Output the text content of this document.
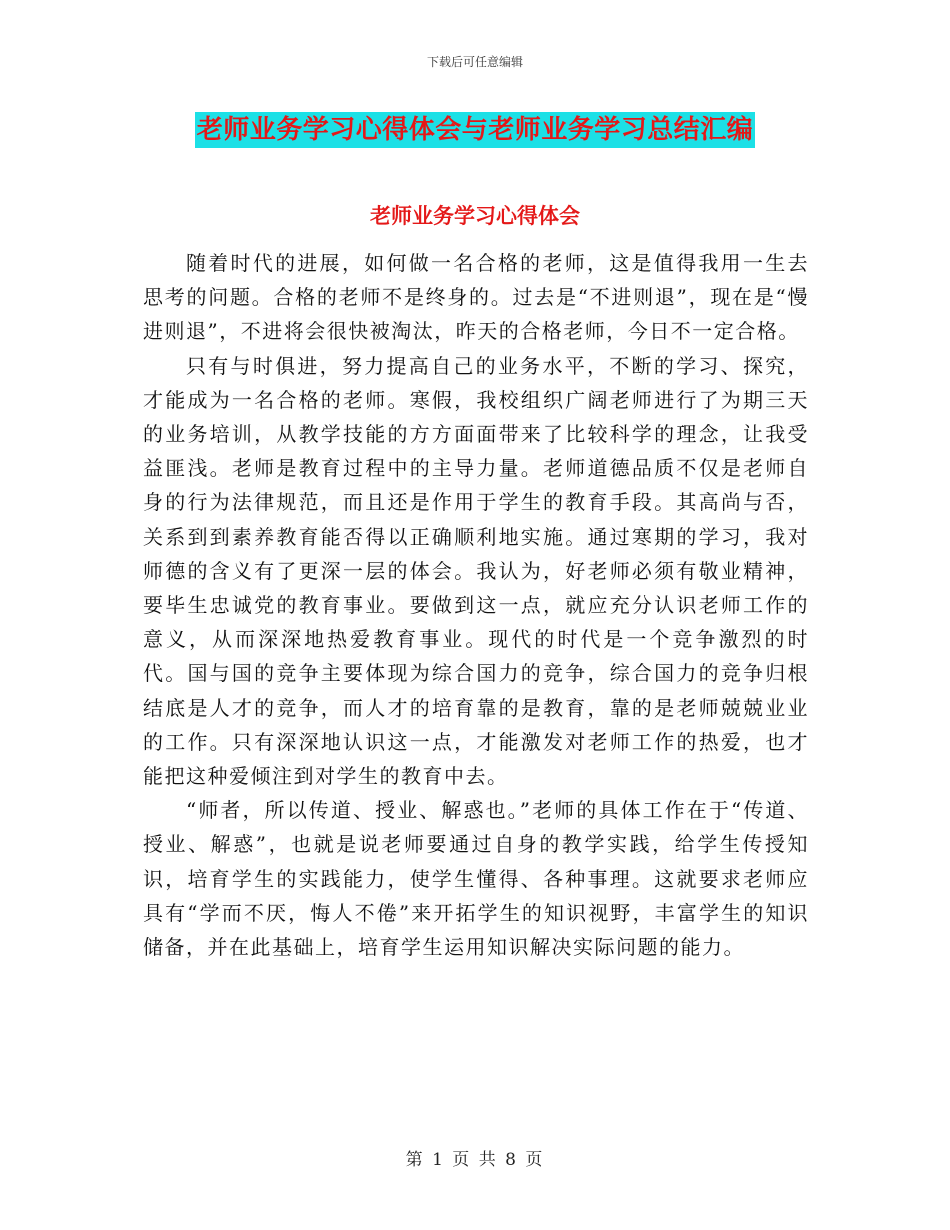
下载后可任意编辑
老师业务学习心得体会与老师业务学习总结汇编
老师业务学习心得体会

随着时代的进展，如何做一名合格的老师，这是值得我用一生去思考的问题。合格的老师不是终身的。过去是“不进则退”，现在是“慢进则退”，不进将会很快被淘汰，昨天的合格老师，今日不一定合格。

只有与时俱进，努力提高自己的业务水平，不断的学习、探究，才能成为一名合格的老师。寒假，我校组织广阔老师进行了为期三天的业务培训，从教学技能的方方面面带来了比较科学的理念，让我受益匪浅。老师是教育过程中的主导力量。老师道德品质不仅是老师自身的行为法律规范，而且还是作用于学生的教育手段。其高尚与否，关系到到素养教育能否得以正确顺利地实施。通过寒期的学习，我对师德的含义有了更深一层的体会。我认为，好老师必须有敬业精神，要毕生忠诚党的教育事业。要做到这一点，就应充分认识老师工作的意义，从而深深地热爱教育事业。现代的时代是一个竞争激烈的时代。国与国的竞争主要体现为综合国力的竞争，综合国力的竞争归根结底是人才的竞争，而人才的培育靠的是教育，靠的是老师兢兢业业的工作。只有深深地认识这一点，才能激发对老师工作的热爱，也才能把这种爱倾注到对学生的教育中去。

“师者，所以传道、授业、解惑也。”老师的具体工作在于“传道、授业、解惑”，也就是说老师要通过自身的教学实践，给学生传授知识，培育学生的实践能力，使学生懂得、各种事理。这就要求老师应具有“学而不厌，悔人不倦”来开拓学生的知识视野，丰富学生的知识储备，并在此基础上，培育学生运用知识解决实际问题的能力。

第 1 页 共 8 页
